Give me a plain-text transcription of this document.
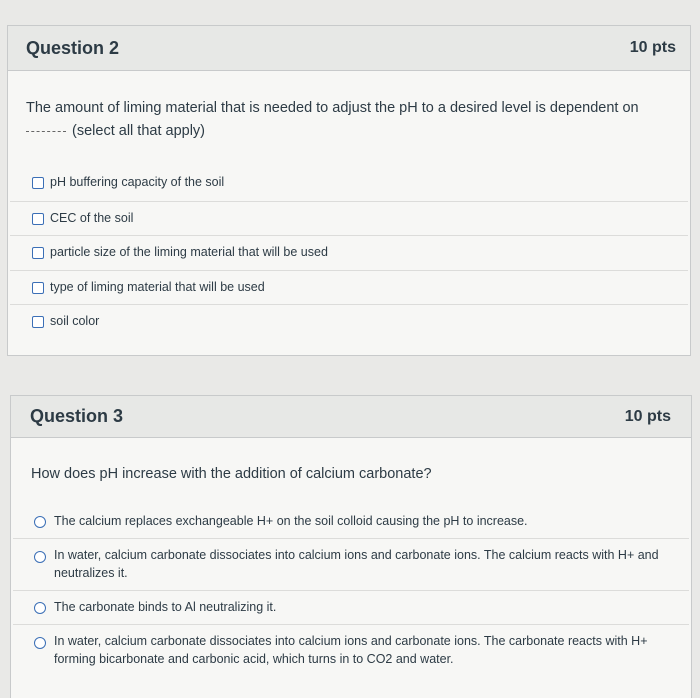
Question 2	10 pts
The amount of liming material that is needed to adjust the pH to a desired level is dependent on
(select all that apply)
pH buffering capacity of the soil
CEC of the soil
particle size of the liming material that will be used
type of liming material that will be used
soil color
Question 3	10 pts
How does pH increase with the addition of calcium carbonate?
The calcium replaces exchangeable H+ on the soil colloid causing the pH to increase.
In water, calcium carbonate dissociates into calcium ions and carbonate ions. The calcium reacts with H+ and neutralizes it.
The carbonate binds to Al neutralizing it.
In water, calcium carbonate dissociates into calcium ions and carbonate ions. The carbonate reacts with H+ forming bicarbonate and carbonic acid, which turns in to CO2 and water.
